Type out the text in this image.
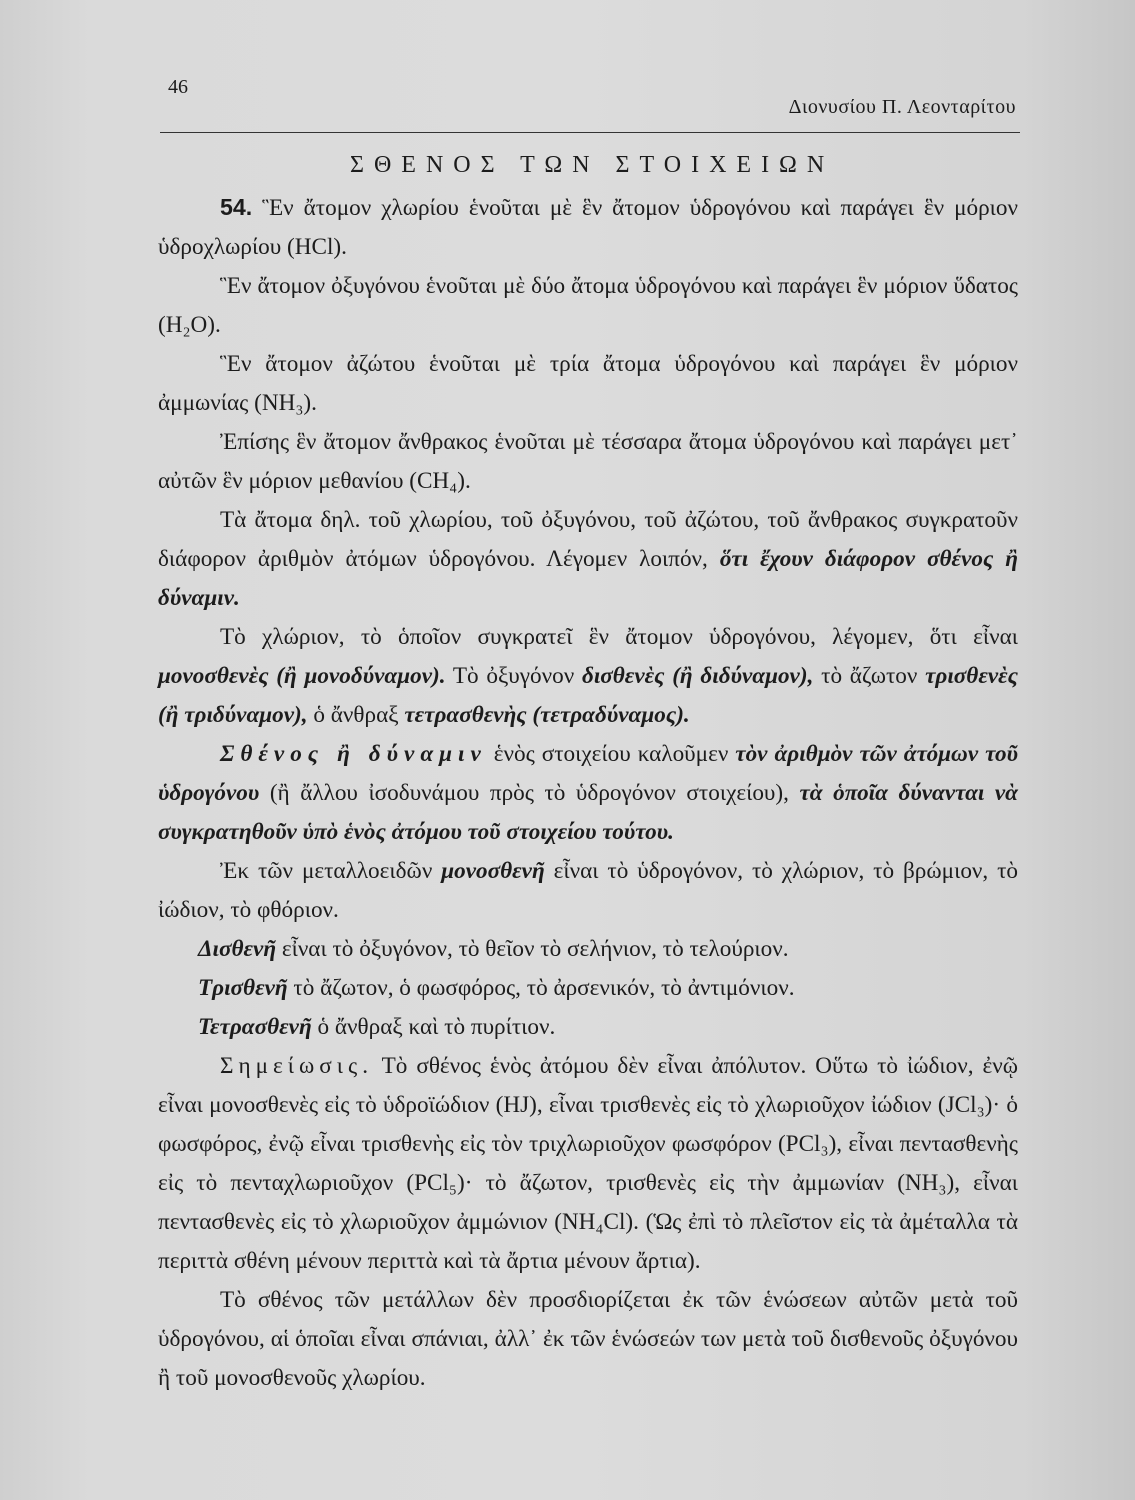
46
Διονυσίου Π. Λεονταρίτου
ΣΘΕΝΟΣ ΤΩΝ ΣΤΟΙΧΕΙΩΝ

54. Ἓν ἄτομον χλωρίου ἑνοῦται μὲ ἓν ἄτομον ὑδρογόνου καὶ παράγει ἓν μόριον ὑδροχλωρίου (HCl).

Ἓν ἄτομον ὀξυγόνου ἑνοῦται μὲ δύο ἄτομα ὑδρογόνου καὶ παράγει ἓν μόριον ὕδατος (H₂O).

Ἓν ἄτομον ἀζώτου ἑνοῦται μὲ τρία ἄτομα ὑδρογόνου καὶ παράγει ἓν μόριον ἀμμωνίας (NH₃).

Ἐπίσης ἓν ἄτομον ἄνθρακος ἑνοῦται μὲ τέσσαρα ἄτομα ὑδρογόνου καὶ παράγει μετ᾽ αὐτῶν ἓν μόριον μεθανίου (CH₄).

Τὰ ἄτομα δηλ. τοῦ χλωρίου, τοῦ ὀξυγόνου, τοῦ ἀζώτου, τοῦ ἄνθρακος συγκρατοῦν διάφορον ἀριθμὸν ἀτόμων ὑδρογόνου. Λέγομεν λοιπόν, ὅτι ἔχουν διάφορον σθένος ἢ δύναμιν.

Τὸ χλώριον, τὸ ὁποῖον συγκρατεῖ ἓν ἄτομον ὑδρογόνου, λέγομεν, ὅτι εἶναι μονοσθενὲς (ἢ μονοδύναμον). Τὸ ὀξυγόνον δισθενὲς (ἢ διδύναμον), τὸ ἄζωτον τρισθενὲς (ἢ τριδύναμον), ὁ ἄνθραξ τετρασθενὴς (τετραδύναμος).

Σθένος ἢ δύναμιν ἑνὸς στοιχείου καλοῦμεν τὸν ἀριθμὸν τῶν ἀτόμων τοῦ ὑδρογόνου (ἢ ἄλλου ἰσοδυνάμου πρὸς τὸ ὑδρογόνον στοιχείου), τὰ ὁποῖα δύνανται νὰ συγκρατηθοῦν ὑπὸ ἑνὸς ἀτόμου τοῦ στοιχείου τούτου.

Ἐκ τῶν μεταλλοειδῶν μονοσθενῆ εἶναι τὸ ὑδρογόνον, τὸ χλώριον, τὸ βρώμιον, τὸ ἰώδιον, τὸ φθόριον.

Δισθενῆ εἶναι τὸ ὀξυγόνον, τὸ θεῖον τὸ σελήνιον, τὸ τελούριον.

Τρισθενῆ τὸ ἄζωτον, ὁ φωσφόρος, τὸ ἀρσενικόν, τὸ ἀντιμόνιον.

Τετρασθενῆ ὁ ἄνθραξ καὶ τὸ πυρίτιον.

Σημείωσις. Τὸ σθένος ἑνὸς ἀτόμου δὲν εἶναι ἀπόλυτον. Οὕτω τὸ ἰώδιον, ἐνῷ εἶναι μονοσθενὲς εἰς τὸ ὑδροϊώδιον (HJ), εἶναι τρισθενὲς εἰς τὸ χλωριοῦχον ἰώδιον (JCl₃)· ὁ φωσφόρος, ἐνῷ εἶναι τρισθενὴς εἰς τὸν τριχλωριοῦχον φωσφόρον (PCl₃), εἶναι πεντασθενὴς εἰς τὸ πενταχλωριοῦχον (PCl₅)· τὸ ἄζωτον, τρισθενὲς εἰς τὴν ἀμμωνίαν (NH₃), εἶναι πεντασθενὲς εἰς τὸ χλωριοῦχον ἀμμώνιον (NH₄Cl). (Ὡς ἐπὶ τὸ πλεῖστον εἰς τὰ ἀμέταλλα τὰ περιττὰ σθένη μένουν περιττὰ καὶ τὰ ἄρτια μένουν ἄρτια).

Τὸ σθένος τῶν μετάλλων δὲν προσδιορίζεται ἐκ τῶν ἑνώσεων αὐτῶν μετὰ τοῦ ὑδρογόνου, αἱ ὁποῖαι εἶναι σπάνιαι, ἀλλ᾽ ἐκ τῶν ἑνώσεών των μετὰ τοῦ δισθενοῦς ὀξυγόνου ἢ τοῦ μονοσθενοῦς χλωρίου.
